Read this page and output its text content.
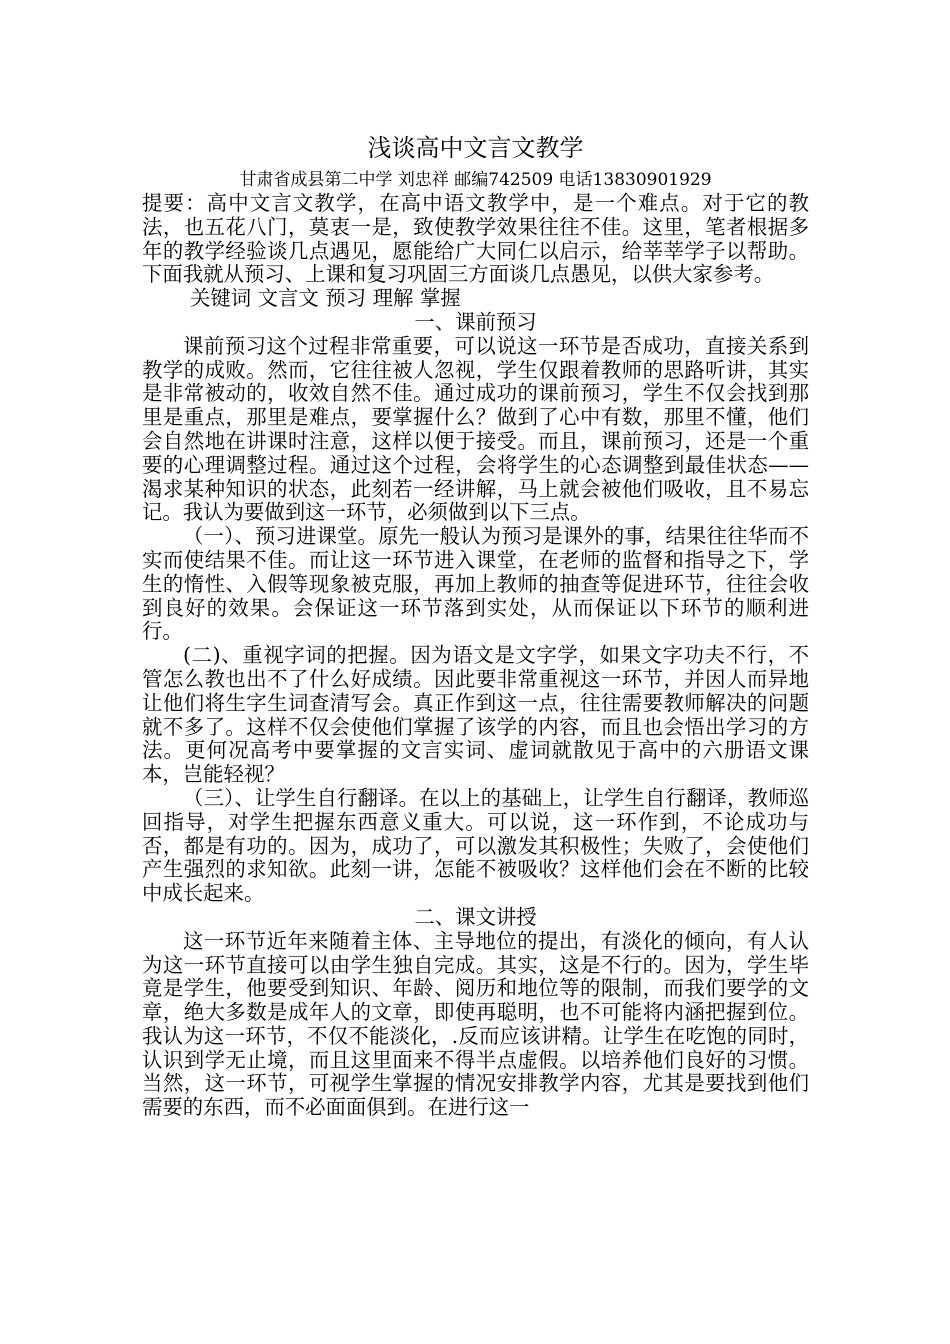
浅谈高中文言文教学
甘肃省成县第二中学 刘忠祥 邮编742509 电话13830901929

提要：高中文言文教学，在高中语文教学中，是一个难点。对于它的教法，也五花八门，莫衷一是，致使教学效果往往不佳。这里，笔者根据多年的教学经验谈几点遇见，愿能给广大同仁以启示，给莘莘学子以帮助。下面我就从预习、上课和复习巩固三方面谈几点愚见，以供大家参考。

关键词 文言文 预习 理解 掌握

一、课前预习

课前预习这个过程非常重要，可以说这一环节是否成功，直接关系到教学的成败。然而，它往往被人忽视，学生仅跟着教师的思路听讲，其实是非常被动的，收效自然不佳。通过成功的课前预习，学生不仅会找到那里是重点，那里是难点，要掌握什么？做到了心中有数，那里不懂，他们会自然地在讲课时注意，这样以便于接受。而且，课前预习，还是一个重要的心理调整过程。通过这个过程，会将学生的心态调整到最佳状态——渴求某种知识的状态，此刻若一经讲解，马上就会被他们吸收，且不易忘记。我认为要做到这一环节，必须做到以下三点。

（一）、预习进课堂。原先一般认为预习是课外的事，结果往往华而不实而使结果不佳。而让这一环节进入课堂，在老师的监督和指导之下，学生的惰性、入假等现象被克服，再加上教师的抽查等促进环节，往往会收到良好的效果。会保证这一环节落到实处，从而保证以下环节的顺利进行。

(二)、重视字词的把握。因为语文是文字学，如果文字功夫不行，不管怎么教也出不了什么好成绩。因此要非常重视这一环节，并因人而异地让他们将生字生词查清写会。真正作到这一点，往往需要教师解决的问题就不多了。这样不仅会使他们掌握了该学的内容，而且也会悟出学习的方法。更何况高考中要掌握的文言实词、虚词就散见于高中的六册语文课本，岂能轻视？

（三）、让学生自行翻译。在以上的基础上，让学生自行翻译，教师巡回指导，对学生把握东西意义重大。可以说，这一环作到，不论成功与否，都是有功的。因为，成功了，可以激发其积极性；失败了，会使他们产生强烈的求知欲。此刻一讲，怎能不被吸收？这样他们会在不断的比较中成长起来。

二、课文讲授

这一环节近年来随着主体、主导地位的提出，有淡化的倾向，有人认为这一环节直接可以由学生独自完成。其实，这是不行的。因为，学生毕竟是学生，他要受到知识、年龄、阅历和地位等的限制，而我们要学的文章，绝大多数是成年人的文章，即使再聪明，也不可能将内涵把握到位。我认为这一环节，不仅不能淡化，.反而应该讲精。让学生在吃饱的同时，认识到学无止境，而且这里面来不得半点虚假。以培养他们良好的习惯。当然，这一环节，可视学生掌握的情况安排教学内容，尤其是要找到他们需要的东西，而不必面面俱到。在进行这一
